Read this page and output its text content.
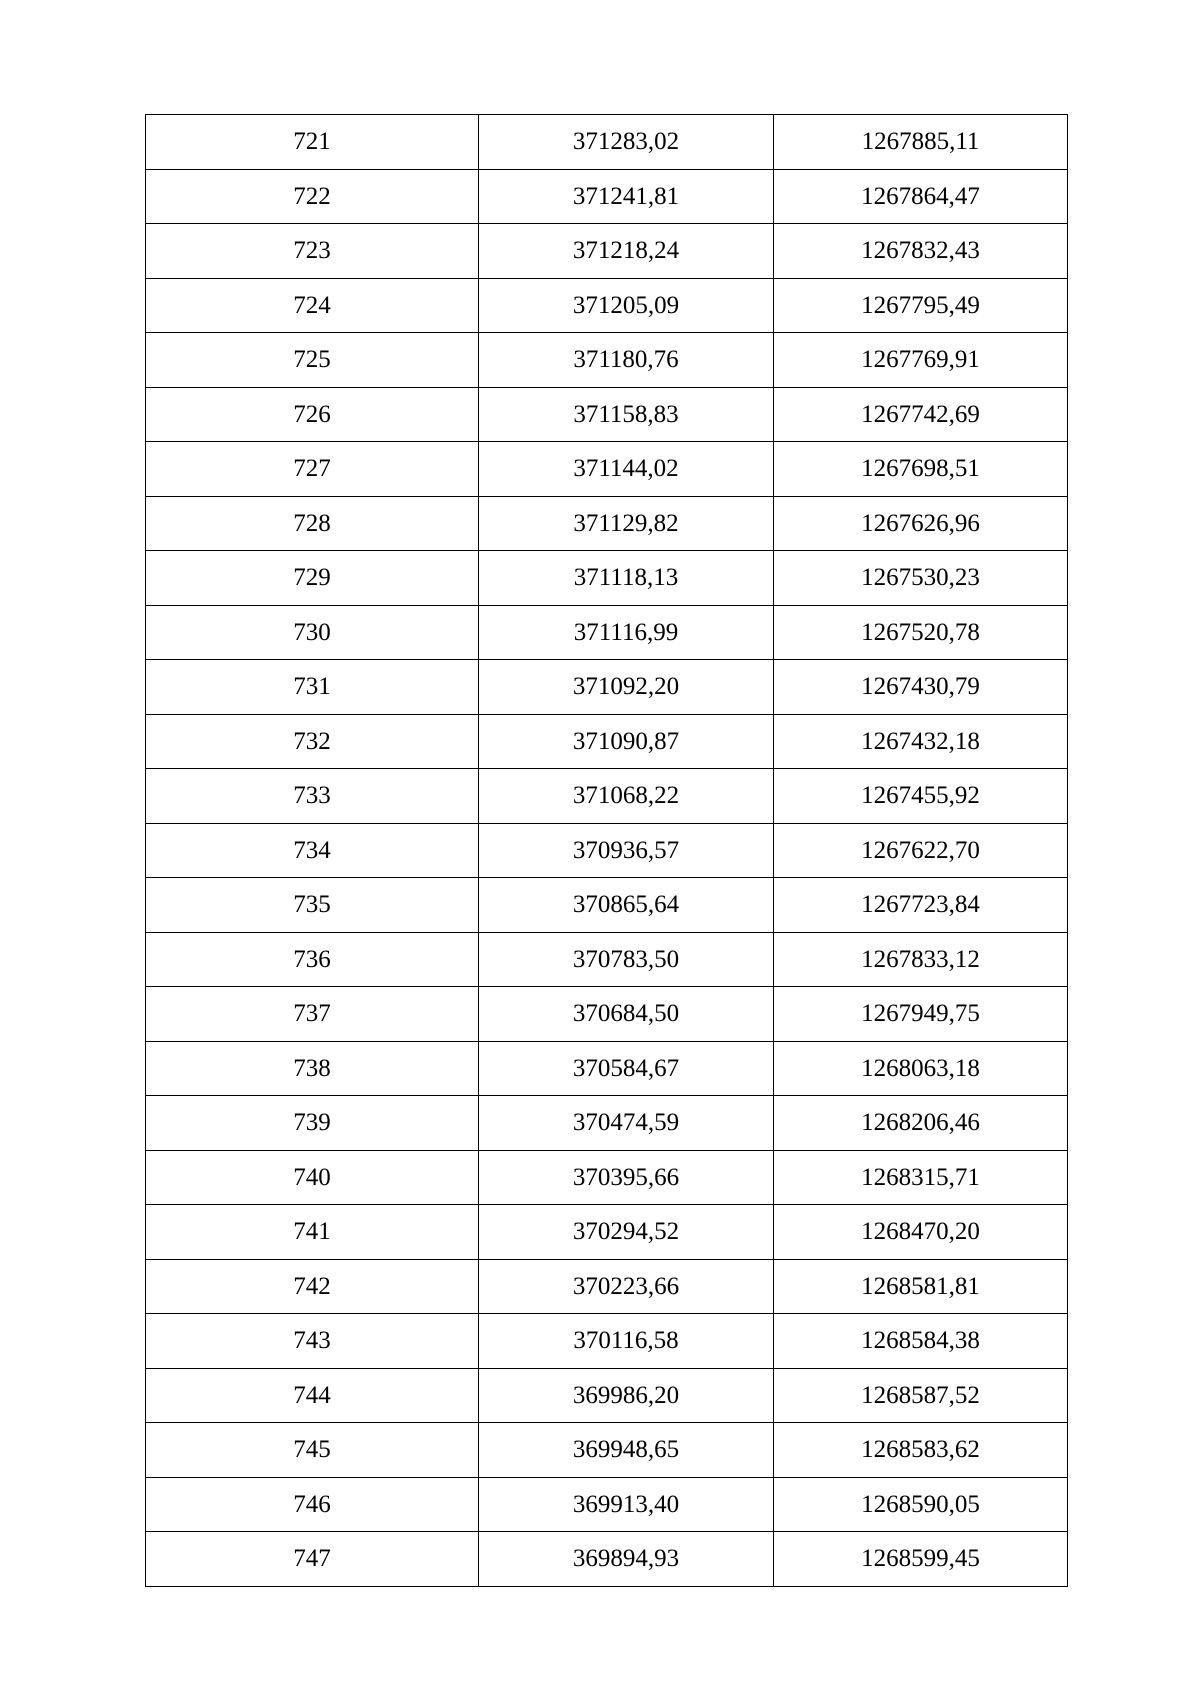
721	371283,02	1267885,11
722	371241,81	1267864,47
723	371218,24	1267832,43
724	371205,09	1267795,49
725	371180,76	1267769,91
726	371158,83	1267742,69
727	371144,02	1267698,51
728	371129,82	1267626,96
729	371118,13	1267530,23
730	371116,99	1267520,78
731	371092,20	1267430,79
732	371090,87	1267432,18
733	371068,22	1267455,92
734	370936,57	1267622,70
735	370865,64	1267723,84
736	370783,50	1267833,12
737	370684,50	1267949,75
738	370584,67	1268063,18
739	370474,59	1268206,46
740	370395,66	1268315,71
741	370294,52	1268470,20
742	370223,66	1268581,81
743	370116,58	1268584,38
744	369986,20	1268587,52
745	369948,65	1268583,62
746	369913,40	1268590,05
747	369894,93	1268599,45
